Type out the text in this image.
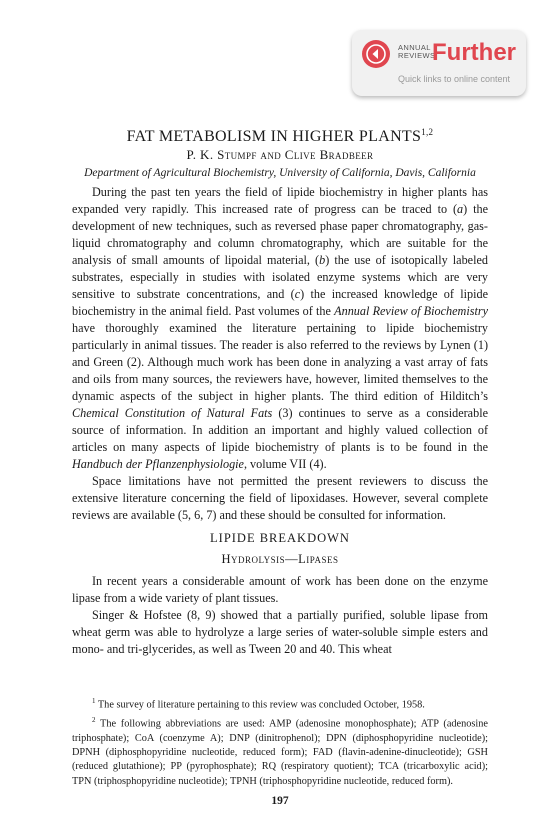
ANNUAL
REVIEWS
Further
Quick links to online content
FAT METABOLISM IN HIGHER PLANTS$^{1,2}$
P. K. Stumpf and Clive Bradbeer
Department of Agricultural Biochemistry, University of California, Davis, California

During the past ten years the field of lipide biochemistry in higher plants has expanded very rapidly. This increased rate of progress can be traced to (a) the development of new techniques, such as reversed phase paper chromatography, gas-liquid chromatography and column chromatography, which are suitable for the analysis of small amounts of lipoidal material, (b) the use of isotopically labeled substrates, especially in studies with isolated enzyme systems which are very sensitive to substrate concentrations, and (c) the increased knowledge of lipide biochemistry in the animal field. Past volumes of the Annual Review of Biochemistry have thoroughly examined the literature pertaining to lipide biochemistry particularly in animal tissues. The reader is also referred to the reviews by Lynen (1) and Green (2). Although much work has been done in analyzing a vast array of fats and oils from many sources, the reviewers have, however, limited themselves to the dynamic aspects of the subject in higher plants. The third edition of Hilditch’s Chemical Constitution of Natural Fats (3) continues to serve as a considerable source of information. In addition an important and highly valued collection of articles on many aspects of lipide biochemistry of plants is to be found in the Handbuch der Pflanzenphysiologie, volume VII (4).

Space limitations have not permitted the present reviewers to discuss the extensive literature concerning the field of lipoxidases. However, several complete reviews are available (5, 6, 7) and these should be consulted for information.

LIPIDE BREAKDOWN

Hydrolysis—Lipases

In recent years a considerable amount of work has been done on the enzyme lipase from a wide variety of plant tissues.

Singer & Hofstee (8, 9) showed that a partially purified, soluble lipase from wheat germ was able to hydrolyze a large series of water-soluble simple esters and mono- and tri-glycerides, as well as Tween 20 and 40. This wheat

$^1$ The survey of literature pertaining to this review was concluded October, 1958.

$^2$ The following abbreviations are used: AMP (adenosine monophosphate); ATP (adenosine triphosphate); CoA (coenzyme A); DNP (dinitrophenol); DPN (diphosphopyridine nucleotide); DPNH (diphosphopyridine nucleotide, reduced form); FAD (flavin-adenine-dinucleotide); GSH (reduced glutathione); PP (pyrophosphate); RQ (respiratory quotient); TCA (tricarboxylic acid); TPN (triphosphopyridine nucleotide); TPNH (triphosphopyridine nucleotide, reduced form).

197
